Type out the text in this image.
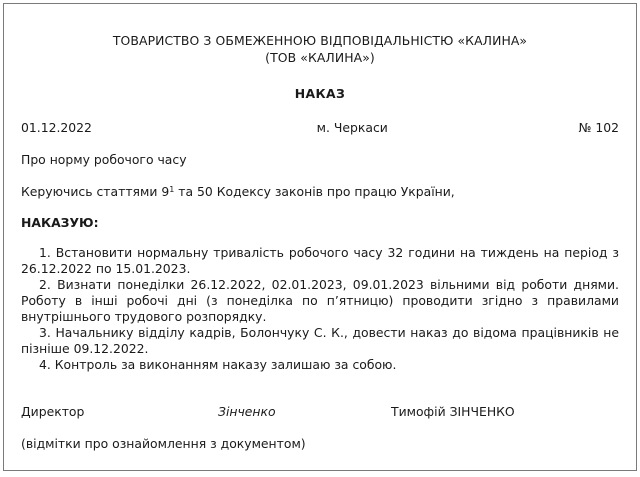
ТОВАРИСТВО З ОБМЕЖЕННОЮ ВІДПОВІДАЛЬНІСТЮ «КАЛИНА»
(ТОВ «КАЛИНА»)
НАКАЗ
01.12.2022	м. Черкаси	№ 102
Про норму робочого часу
Керуючись статтями $9^1$ та 50 Кодексу законів про працю України,
НАКАЗУЮ:

1. Встановити нормальну тривалість робочого часу 32 години на тиждень на період з 26.12.2022 по 15.01.2023.

2. Визнати понеділки 26.12.2022, 02.01.2023, 09.01.2023 вільними від роботи днями. Роботу в інші робочі дні (з понеділка по п’ятницю) проводити згідно з правилами внутрішнього трудового розпорядку.

3. Начальнику відділу кадрів, Болончуку С. К., довести наказ до відома працівників не пізніше 09.12.2022.

4. Контроль за виконанням наказу залишаю за собою.

Директор	Зінченко	Тимофій ЗІНЧЕНКО
(відмітки про ознайомлення з документом)
